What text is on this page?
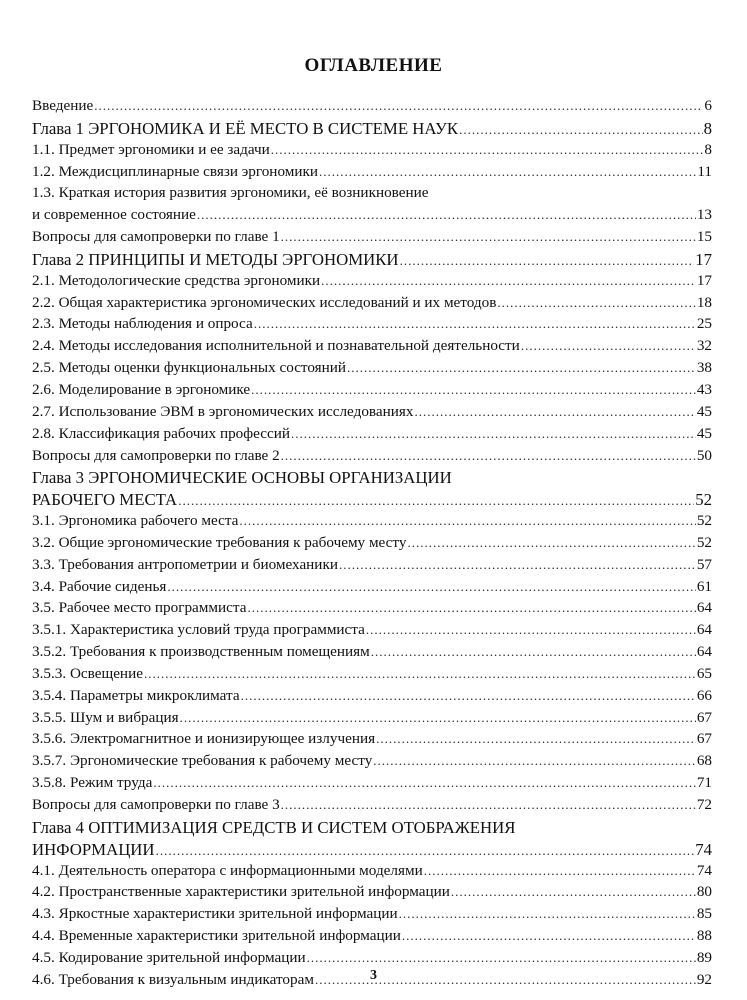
ОГЛАВЛЕНИЕ
Введение .....	6
Глава 1 ЭРГОНОМИКА И ЕЁ МЕСТО В СИСТЕМЕ НАУК .....	8
1.1. Предмет эргономики и ее задачи .....	8
1.2. Междисциплинарные связи эргономики .....	11
1.3. Краткая история развития эргономики, её возникновение
и современное состояние .....	13
Вопросы для самопроверки по главе 1 .....	15
Глава 2 ПРИНЦИПЫ И МЕТОДЫ ЭРГОНОМИКИ .....	17
2.1. Методологические средства эргономики .....	17
2.2. Общая характеристика эргономических исследований и их методов .....	18
2.3. Методы наблюдения и опроса .....	25
2.4. Методы исследования исполнительной и познавательной деятельности .....	32
2.5. Методы оценки функциональных состояний .....	38
2.6. Моделирование в эргономике .....	43
2.7. Использование ЭВМ в эргономических исследованиях .....	45
2.8. Классификация рабочих профессий .....	45
Вопросы для самопроверки по главе 2 .....	50
Глава 3 ЭРГОНОМИЧЕСКИЕ ОСНОВЫ ОРГАНИЗАЦИИ
РАБОЧЕГО МЕСТА .....	52
3.1. Эргономика рабочего места .....	52
3.2. Общие эргономические требования к рабочему месту .....	52
3.3. Требования антропометрии и биомеханики .....	57
3.4. Рабочие сиденья .....	61
3.5. Рабочее место программиста .....	64
3.5.1. Характеристика условий труда программиста .....	64
3.5.2. Требования к производственным помещениям .....	64
3.5.3. Освещение .....	65
3.5.4. Параметры микроклимата .....	66
3.5.5. Шум и вибрация .....	67
3.5.6. Электромагнитное и ионизирующее излучения .....	67
3.5.7. Эргономические требования к рабочему месту .....	68
3.5.8. Режим труда .....	71
Вопросы для самопроверки по главе 3 .....	72
Глава 4 ОПТИМИЗАЦИЯ СРЕДСТВ И СИСТЕМ ОТОБРАЖЕНИЯ
ИНФОРМАЦИИ .....	74
4.1. Деятельность оператора с информационными моделями .....	74
4.2. Пространственные характеристики зрительной информации .....	80
4.3. Яркостные характеристики зрительной информации .....	85
4.4. Временные характеристики зрительной информации .....	88
4.5. Кодирование зрительной информации .....	89
4.6. Требования к визуальным индикаторам .....	92
3
